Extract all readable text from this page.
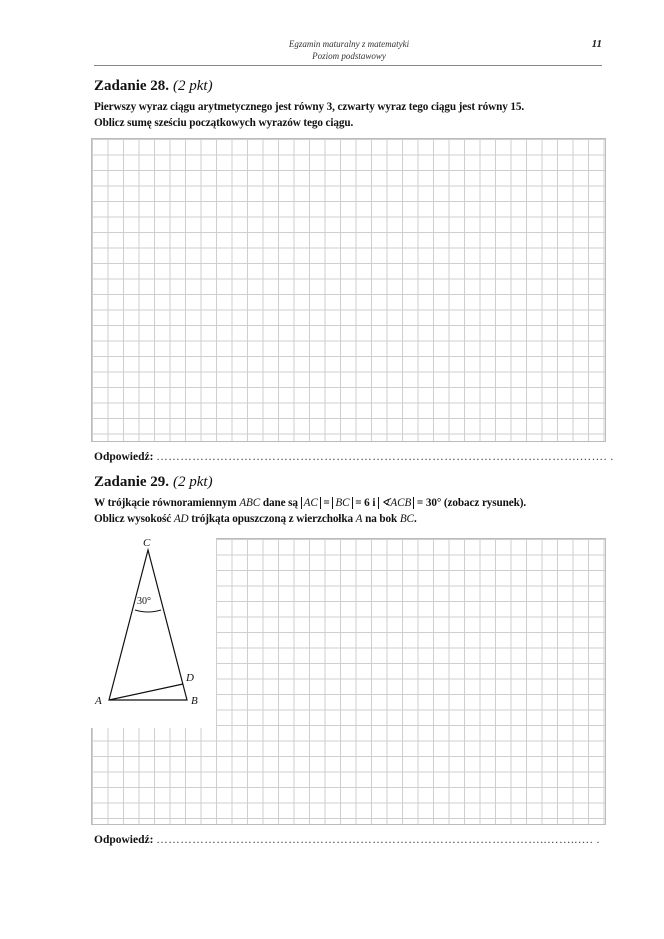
Egzamin maturalny z matematyki
Poziom podstawowy
11
Zadanie 28. (2 pkt)
Pierwszy wyraz ciągu arytmetycznego jest równy 3, czwarty wyraz tego ciągu jest równy 15.
Oblicz sumę sześciu początkowych wyrazów tego ciągu.
Odpowiedź: …………………………………………………………………………………………….……. .
Zadanie 29. (2 pkt)
W trójkącie równoramiennym ABC dane są AC = BC = 6 i ∢ACB = 30° (zobacz rysunek).
Oblicz wysokość AD trójkąta opuszczoną z wierzchołka A na bok BC.
C
A	B
D
30°
Odpowiedź: ……………………………………………………………………………………..……..…. .
